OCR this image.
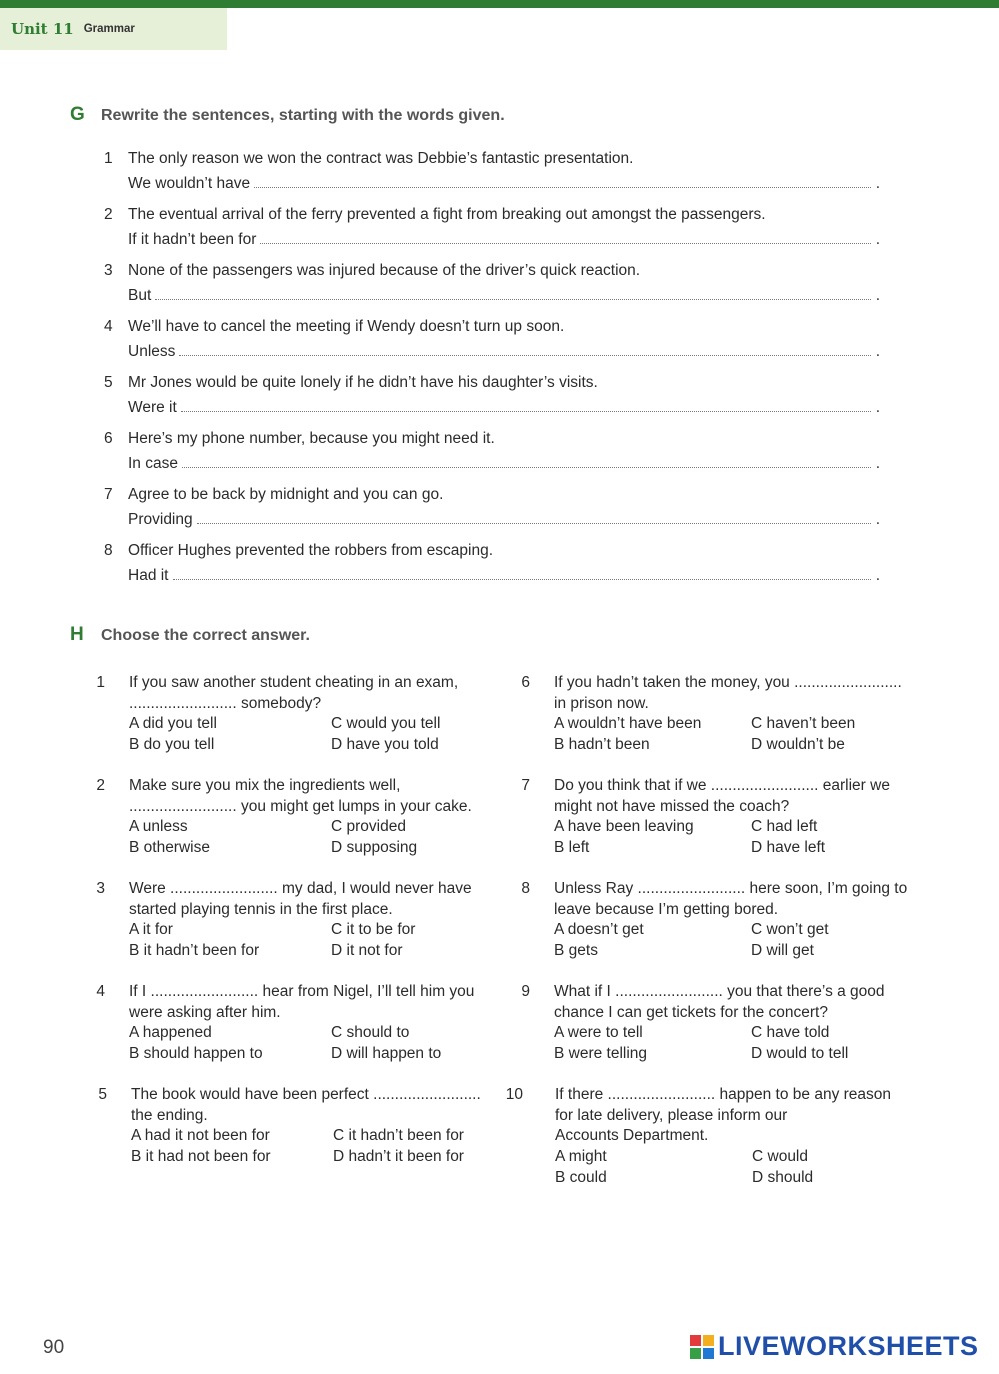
Unit 11 Grammar
G	Rewrite the sentences, starting with the words given.
1 The only reason we won the contract was Debbie’s fantastic presentation.
We wouldn’t have	.
2 The eventual arrival of the ferry prevented a fight from breaking out amongst the passengers.
If it hadn’t been for	.
3 None of the passengers was injured because of the driver’s quick reaction.
But	.
4 We’ll have to cancel the meeting if Wendy doesn’t turn up soon.
Unless	.
5 Mr Jones would be quite lonely if he didn’t have his daughter’s visits.
Were it	.
6 Here’s my phone number, because you might need it.
In case	.
7 Agree to be back by midnight and you can go.
Providing	.
8 Officer Hughes prevented the robbers from escaping.
Had it	.
H	Choose the correct answer.
1 If you saw another student cheating in an exam,

......................... somebody?

A did you tell	C would you tell
B do you tell	D have you told
2 Make sure you mix the ingredients well,

......................... you might get lumps in your cake.

A unless	C provided
B otherwise	D supposing
3 Were ......................... my dad, I would never have

started playing tennis in the first place.

A it for	C it to be for
B it hadn’t been for	D it not for
4 If I ......................... hear from Nigel, I’ll tell him you

were asking after him.

A happened	C should to
B should happen to	D will happen to
5 The book would have been perfect .........................

the ending.

A had it not been for	C it hadn’t been for
B it had not been for	D hadn’t it been for
6 If you hadn’t taken the money, you .........................

in prison now.

A wouldn’t have been	C haven’t been
B hadn’t been	D wouldn’t be
7 Do you think that if we ......................... earlier we

might not have missed the coach?

A have been leaving	C had left
B left	D have left
8 Unless Ray ......................... here soon, I’m going to

leave because I’m getting bored.

A doesn’t get	C won’t get
B gets	D will get
9 What if I ......................... you that there’s a good

chance I can get tickets for the concert?

A were to tell	C have told
B were telling	D would to tell
10 If there ......................... happen to be any reason

for late delivery, please inform our

Accounts Department.

A might	C would
B could	D should
90	LIVEWORKSHEETS
